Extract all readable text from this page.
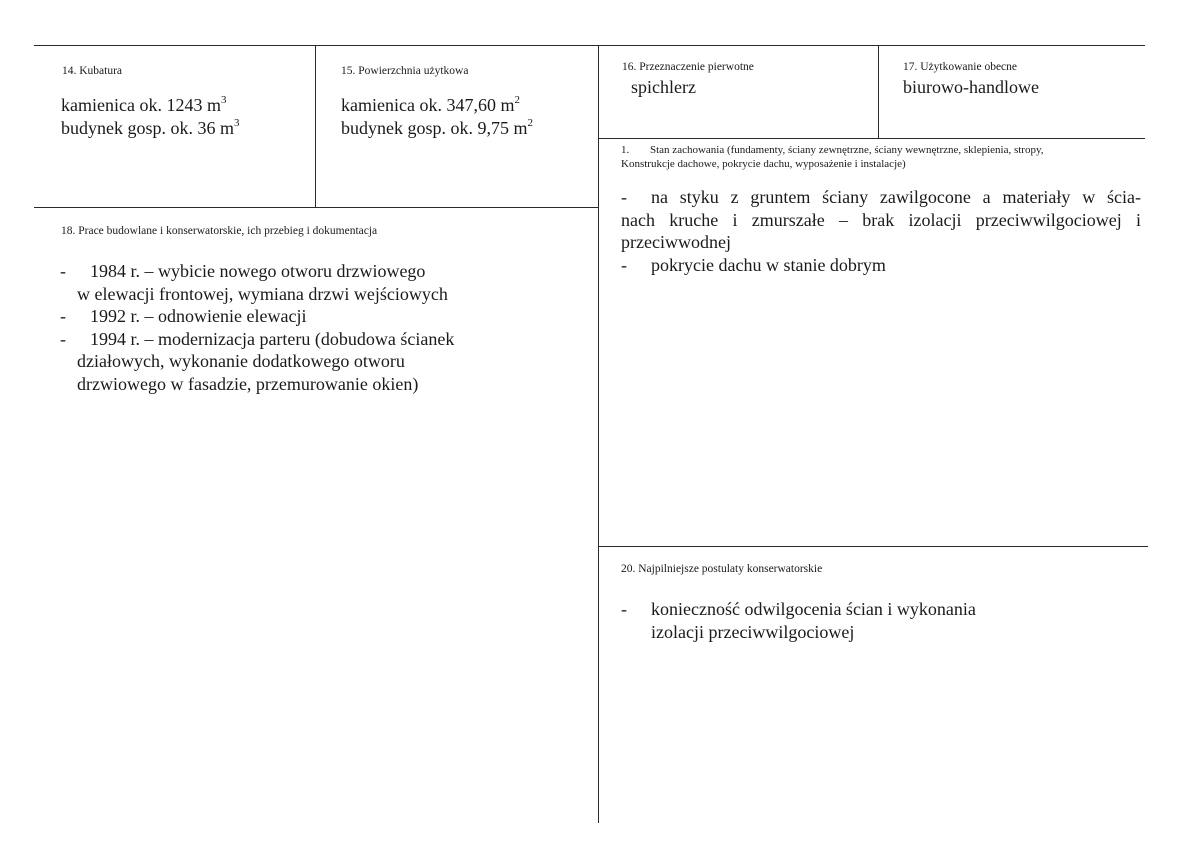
14. Kubatura
kamienica ok. 1243 $m^3$
budynek gosp. ok. 36 $m^3$
15. Powierzchnia użytkowa
kamienica ok. 347,60 $m^2$
budynek gosp. ok. 9,75 $m^2$
16. Przeznaczenie pierwotne
spichlerz
17. Użytkowanie obecne
biurowo-handlowe
1. Stan zachowania (fundamenty, ściany zewnętrzne, ściany wewnętrzne, sklepienia, stropy,
Konstrukcje dachowe, pokrycie dachu, wyposażenie i instalacje)
-	na styku z gruntem ściany zawilgocone a materiały w ścia-
nach kruche i zmurszałe – brak izolacji przeciwwilgociowej i
przeciwwodnej
-	pokrycie dachu w stanie dobrym
18. Prace budowlane i konserwatorskie, ich przebieg i dokumentacja
-	1984 r. – wybicie nowego otworu drzwiowego
w elewacji frontowej, wymiana drzwi wejściowych
-	1992 r. – odnowienie elewacji
-	1994 r. – modernizacja parteru (dobudowa ścianek
działowych, wykonanie dodatkowego otworu
drzwiowego w fasadzie, przemurowanie okien)
20. Najpilniejsze postulaty konserwatorskie
-	konieczność odwilgocenia ścian i wykonania
izolacji przeciwwilgociowej
